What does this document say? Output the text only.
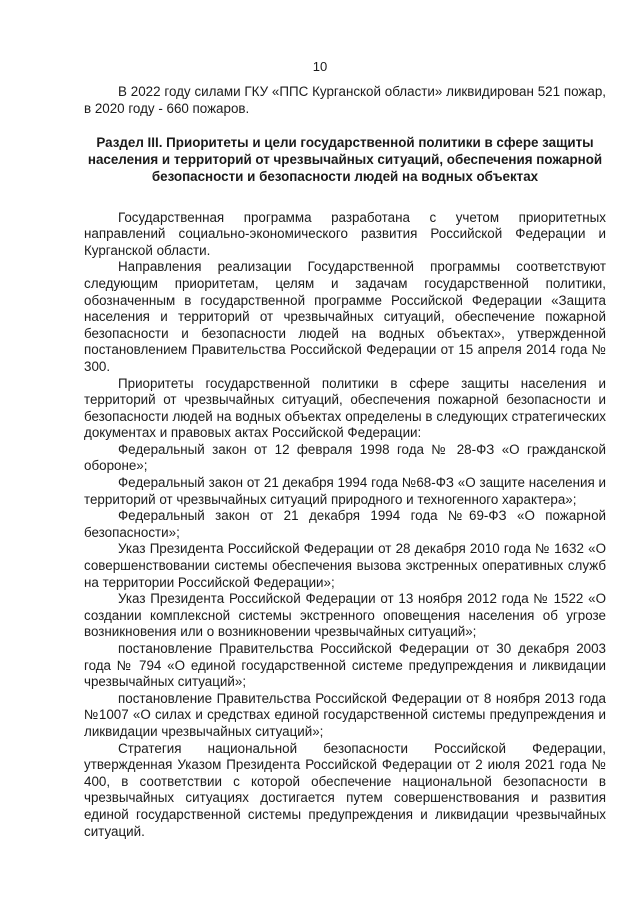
10

В 2022 году силами ГКУ «ППС Курганской области» ликвидирован 521 пожар, в 2020 году - 660 пожаров.

Раздел III. Приоритеты и цели государственной политики в сфере защиты населения и территорий от чрезвычайных ситуаций, обеспечения пожарной безопасности и безопасности людей на водных объектах

Государственная программа разработана с учетом приоритетных направлений социально-экономического развития Российской Федерации и Курганской области.

Направления реализации Государственной программы соответствуют следующим приоритетам, целям и задачам государственной политики, обозначенным в государственной программе Российской Федерации «Защита населения и территорий от чрезвычайных ситуаций, обеспечение пожарной безопасности и безопасности людей на водных объектах», утвержденной постановлением Правительства Российской Федерации от 15 апреля 2014 года № 300.

Приоритеты государственной политики в сфере защиты населения и территорий от чрезвычайных ситуаций, обеспечения пожарной безопасности и безопасности людей на водных объектах определены в следующих стратегических документах и правовых актах Российской Федерации:

Федеральный закон от 12 февраля 1998 года № 28-ФЗ «О гражданской обороне»;

Федеральный закон от 21 декабря 1994 года №68-ФЗ «О защите населения и территорий от чрезвычайных ситуаций природного и техногенного характера»;

Федеральный закон от 21 декабря 1994 года №69-ФЗ «О пожарной безопасности»;

Указ Президента Российской Федерации от 28 декабря 2010 года № 1632 «О совершенствовании системы обеспечения вызова экстренных оперативных служб на территории Российской Федерации»;

Указ Президента Российской Федерации от 13 ноября 2012 года № 1522 «О создании комплексной системы экстренного оповещения населения об угрозе возникновения или о возникновении чрезвычайных ситуаций»;

постановление Правительства Российской Федерации от 30 декабря 2003 года № 794 «О единой государственной системе предупреждения и ликвидации чрезвычайных ситуаций»;

постановление Правительства Российской Федерации от 8 ноября 2013 года №1007 «О силах и средствах единой государственной системы предупреждения и ликвидации чрезвычайных ситуаций»;

Стратегия национальной безопасности Российской Федерации, утвержденная Указом Президента Российской Федерации от 2 июля 2021 года № 400, в соответствии с которой обеспечение национальной безопасности в чрезвычайных ситуациях достигается путем совершенствования и развития единой государственной системы предупреждения и ликвидации чрезвычайных ситуаций.
